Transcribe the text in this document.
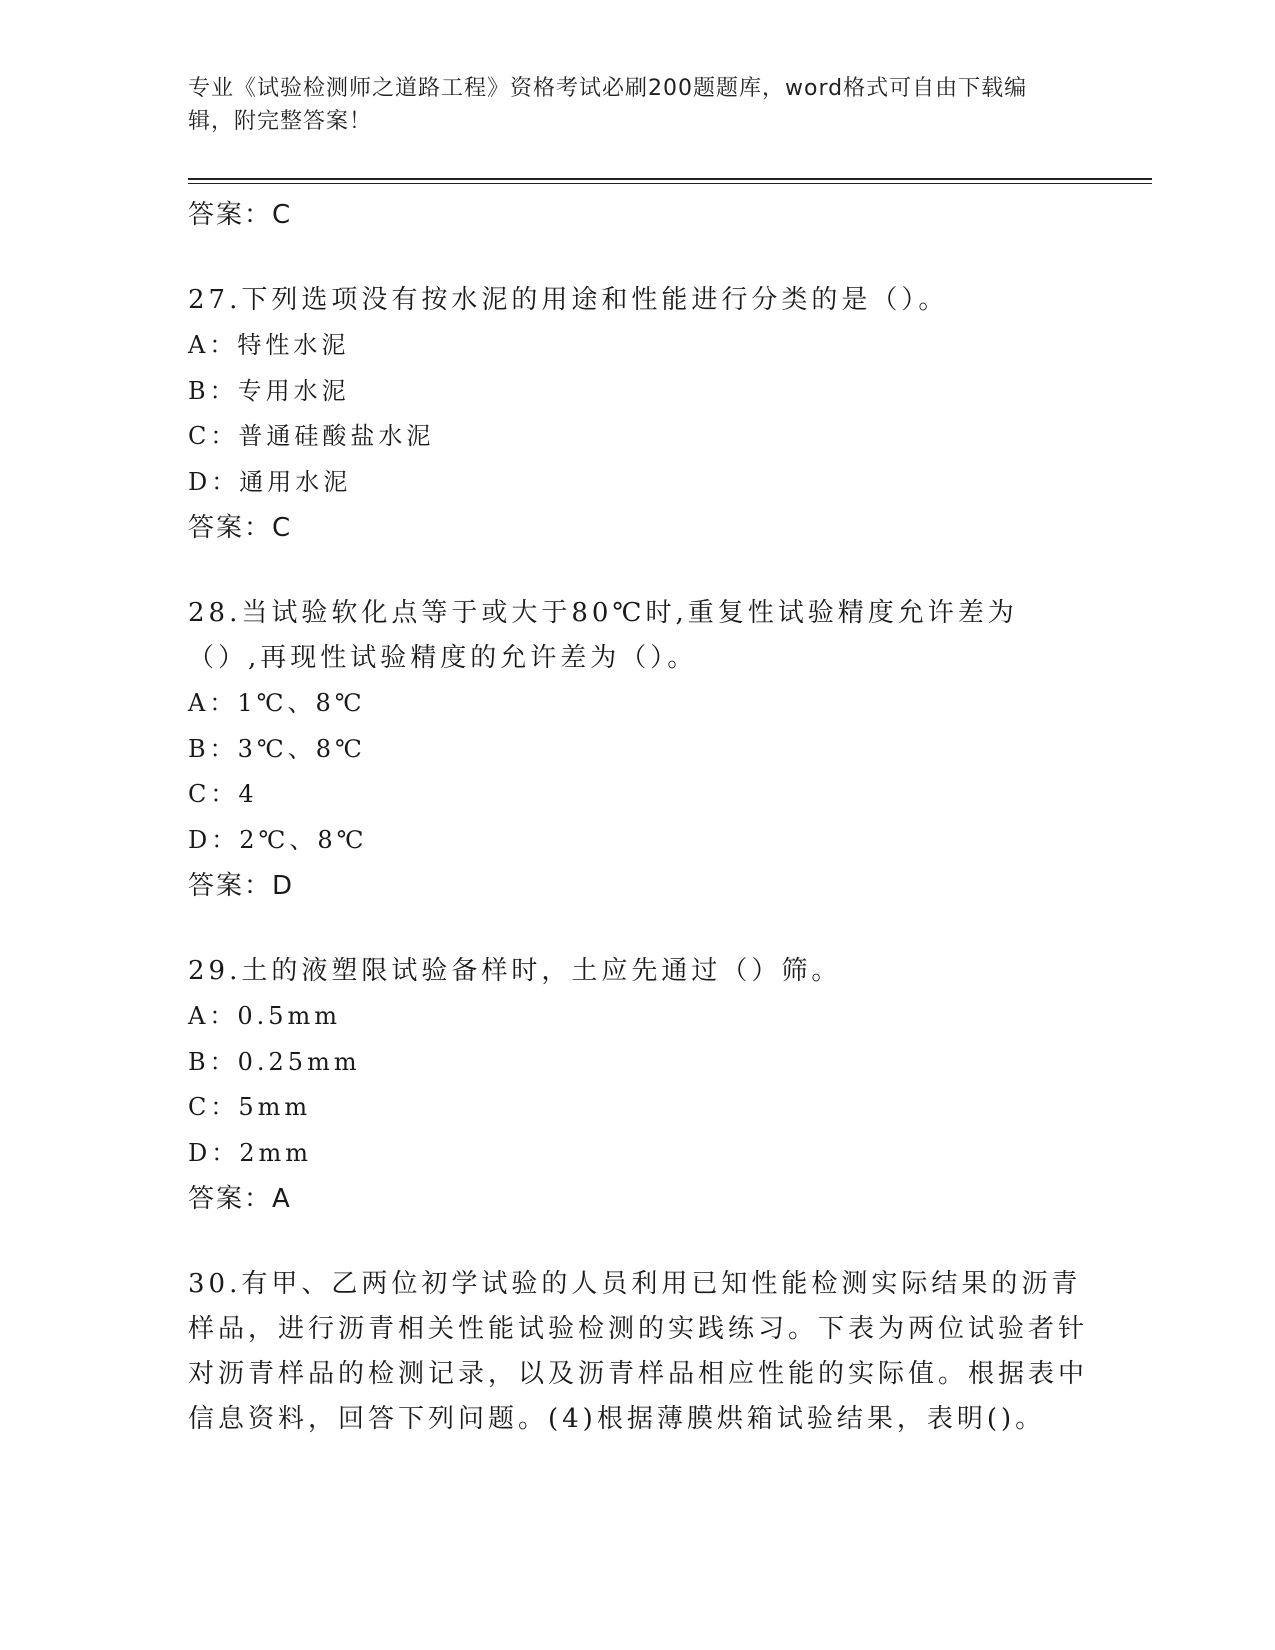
专业《试验检测师之道路工程》资格考试必刷200题题库，word格式可自由下载编辑，附完整答案！
答案：C

27.下列选项没有按水泥的用途和性能进行分类的是（）。

A：特性水泥

B：专用水泥

C：普通硅酸盐水泥

D：通用水泥

答案：C

28.当试验软化点等于或大于80℃时,重复性试验精度允许差为（）,再现性试验精度的允许差为（）。

A：1℃、8℃

B：3℃、8℃

C：4

D：2℃、8℃

答案：D

29.土的液塑限试验备样时，土应先通过（）筛。

A：0.5mm

B：0.25mm

C：5mm

D：2mm

答案：A

30.有甲、乙两位初学试验的人员利用已知性能检测实际结果的沥青样品，进行沥青相关性能试验检测的实践练习。下表为两位试验者针对沥青样品的检测记录，以及沥青样品相应性能的实际值。根据表中信息资料，回答下列问题。(4)根据薄膜烘箱试验结果，表明()。
